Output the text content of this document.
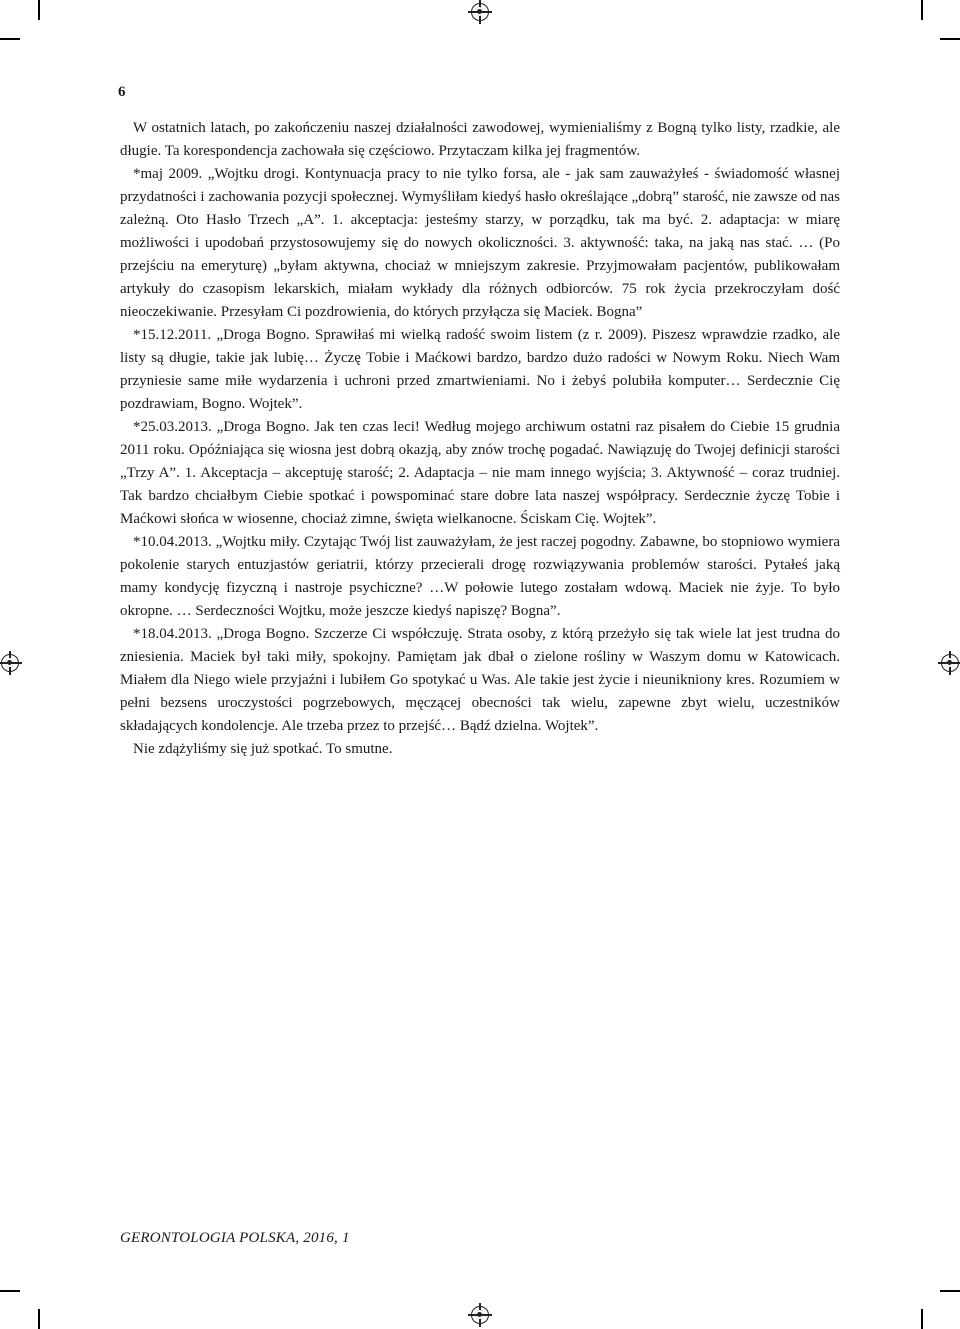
6

W ostatnich latach, po zakończeniu naszej działalności zawodowej, wymienialiśmy z Bogną tylko listy, rzadkie, ale długie. Ta korespondencja zachowała się częściowo. Przytaczam kilka jej fragmentów.

*maj 2009. „Wojtku drogi. Kontynuacja pracy to nie tylko forsa, ale - jak sam zauważyłeś - świadomość własnej przydatności i zachowania pozycji społecznej. Wymyśliłam kiedyś hasło określające „dobrą” starość, nie zawsze od nas zależną. Oto Hasło Trzech „A”. 1. akceptacja: jesteśmy starzy, w porządku, tak ma być. 2. adaptacja: w miarę możliwości i upodobań przystosowujemy się do nowych okoliczności. 3. aktywność: taka, na jaką nas stać. … (Po przejściu na emeryturę) „byłam aktywna, chociaż w mniejszym zakresie. Przyjmowałam pacjentów, publikowałam artykuły do czasopism lekarskich, miałam wykłady dla różnych odbiorców. 75 rok życia przekroczyłam dość nieoczekiwanie. Przesyłam Ci pozdrowienia, do których przyłącza się Maciek. Bogna”

*15.12.2011. „Droga Bogno. Sprawiłaś mi wielką radość swoim listem (z r. 2009). Piszesz wprawdzie rzadko, ale listy są długie, takie jak lubię… Życzę Tobie i Maćkowi bardzo, bardzo dużo radości w Nowym Roku. Niech Wam przyniesie same miłe wydarzenia i uchroni przed zmartwieniami. No i żebyś polubiła komputer… Serdecznie Cię pozdrawiam, Bogno. Wojtek”.

*25.03.2013. „Droga Bogno. Jak ten czas leci! Według mojego archiwum ostatni raz pisałem do Ciebie 15 grudnia 2011 roku. Opóźniająca się wiosna jest dobrą okazją, aby znów trochę pogadać. Nawiązuję do Twojej definicji starości „Trzy A”. 1. Akceptacja – akceptuję starość; 2. Adaptacja – nie mam innego wyjścia; 3. Aktywność – coraz trudniej. Tak bardzo chciałbym Ciebie spotkać i powspominać stare dobre lata naszej współpracy. Serdecznie życzę Tobie i Maćkowi słońca w wiosenne, chociaż zimne, święta wielkanocne. Ściskam Cię. Wojtek”.

*10.04.2013. „Wojtku miły. Czytając Twój list zauważyłam, że jest raczej pogodny. Zabawne, bo stopniowo wymiera pokolenie starych entuzjastów geriatrii, którzy przecierali drogę rozwiązywania problemów starości. Pytałeś jaką mamy kondycję fizyczną i nastroje psychiczne? …W połowie lutego zostałam wdową. Maciek nie żyje. To było okropne. … Serdeczności Wojtku, może jeszcze kiedyś napiszę? Bogna”.

*18.04.2013. „Droga Bogno. Szczerze Ci współczuję. Strata osoby, z którą przeżyło się tak wiele lat jest trudna do zniesienia. Maciek był taki miły, spokojny. Pamiętam jak dbał o zielone rośliny w Waszym domu w Katowicach. Miałem dla Niego wiele przyjaźni i lubiłem Go spotykać u Was. Ale takie jest życie i nieunikniony kres. Rozumiem w pełni bezsens uroczystości pogrzebowych, męczącej obecności tak wielu, zapewne zbyt wielu, uczestników składających kondolencje. Ale trzeba przez to przejść… Bądź dzielna. Wojtek”.

Nie zdążyliśmy się już spotkać. To smutne.

GERONTOLOGIA POLSKA, 2016, 1
